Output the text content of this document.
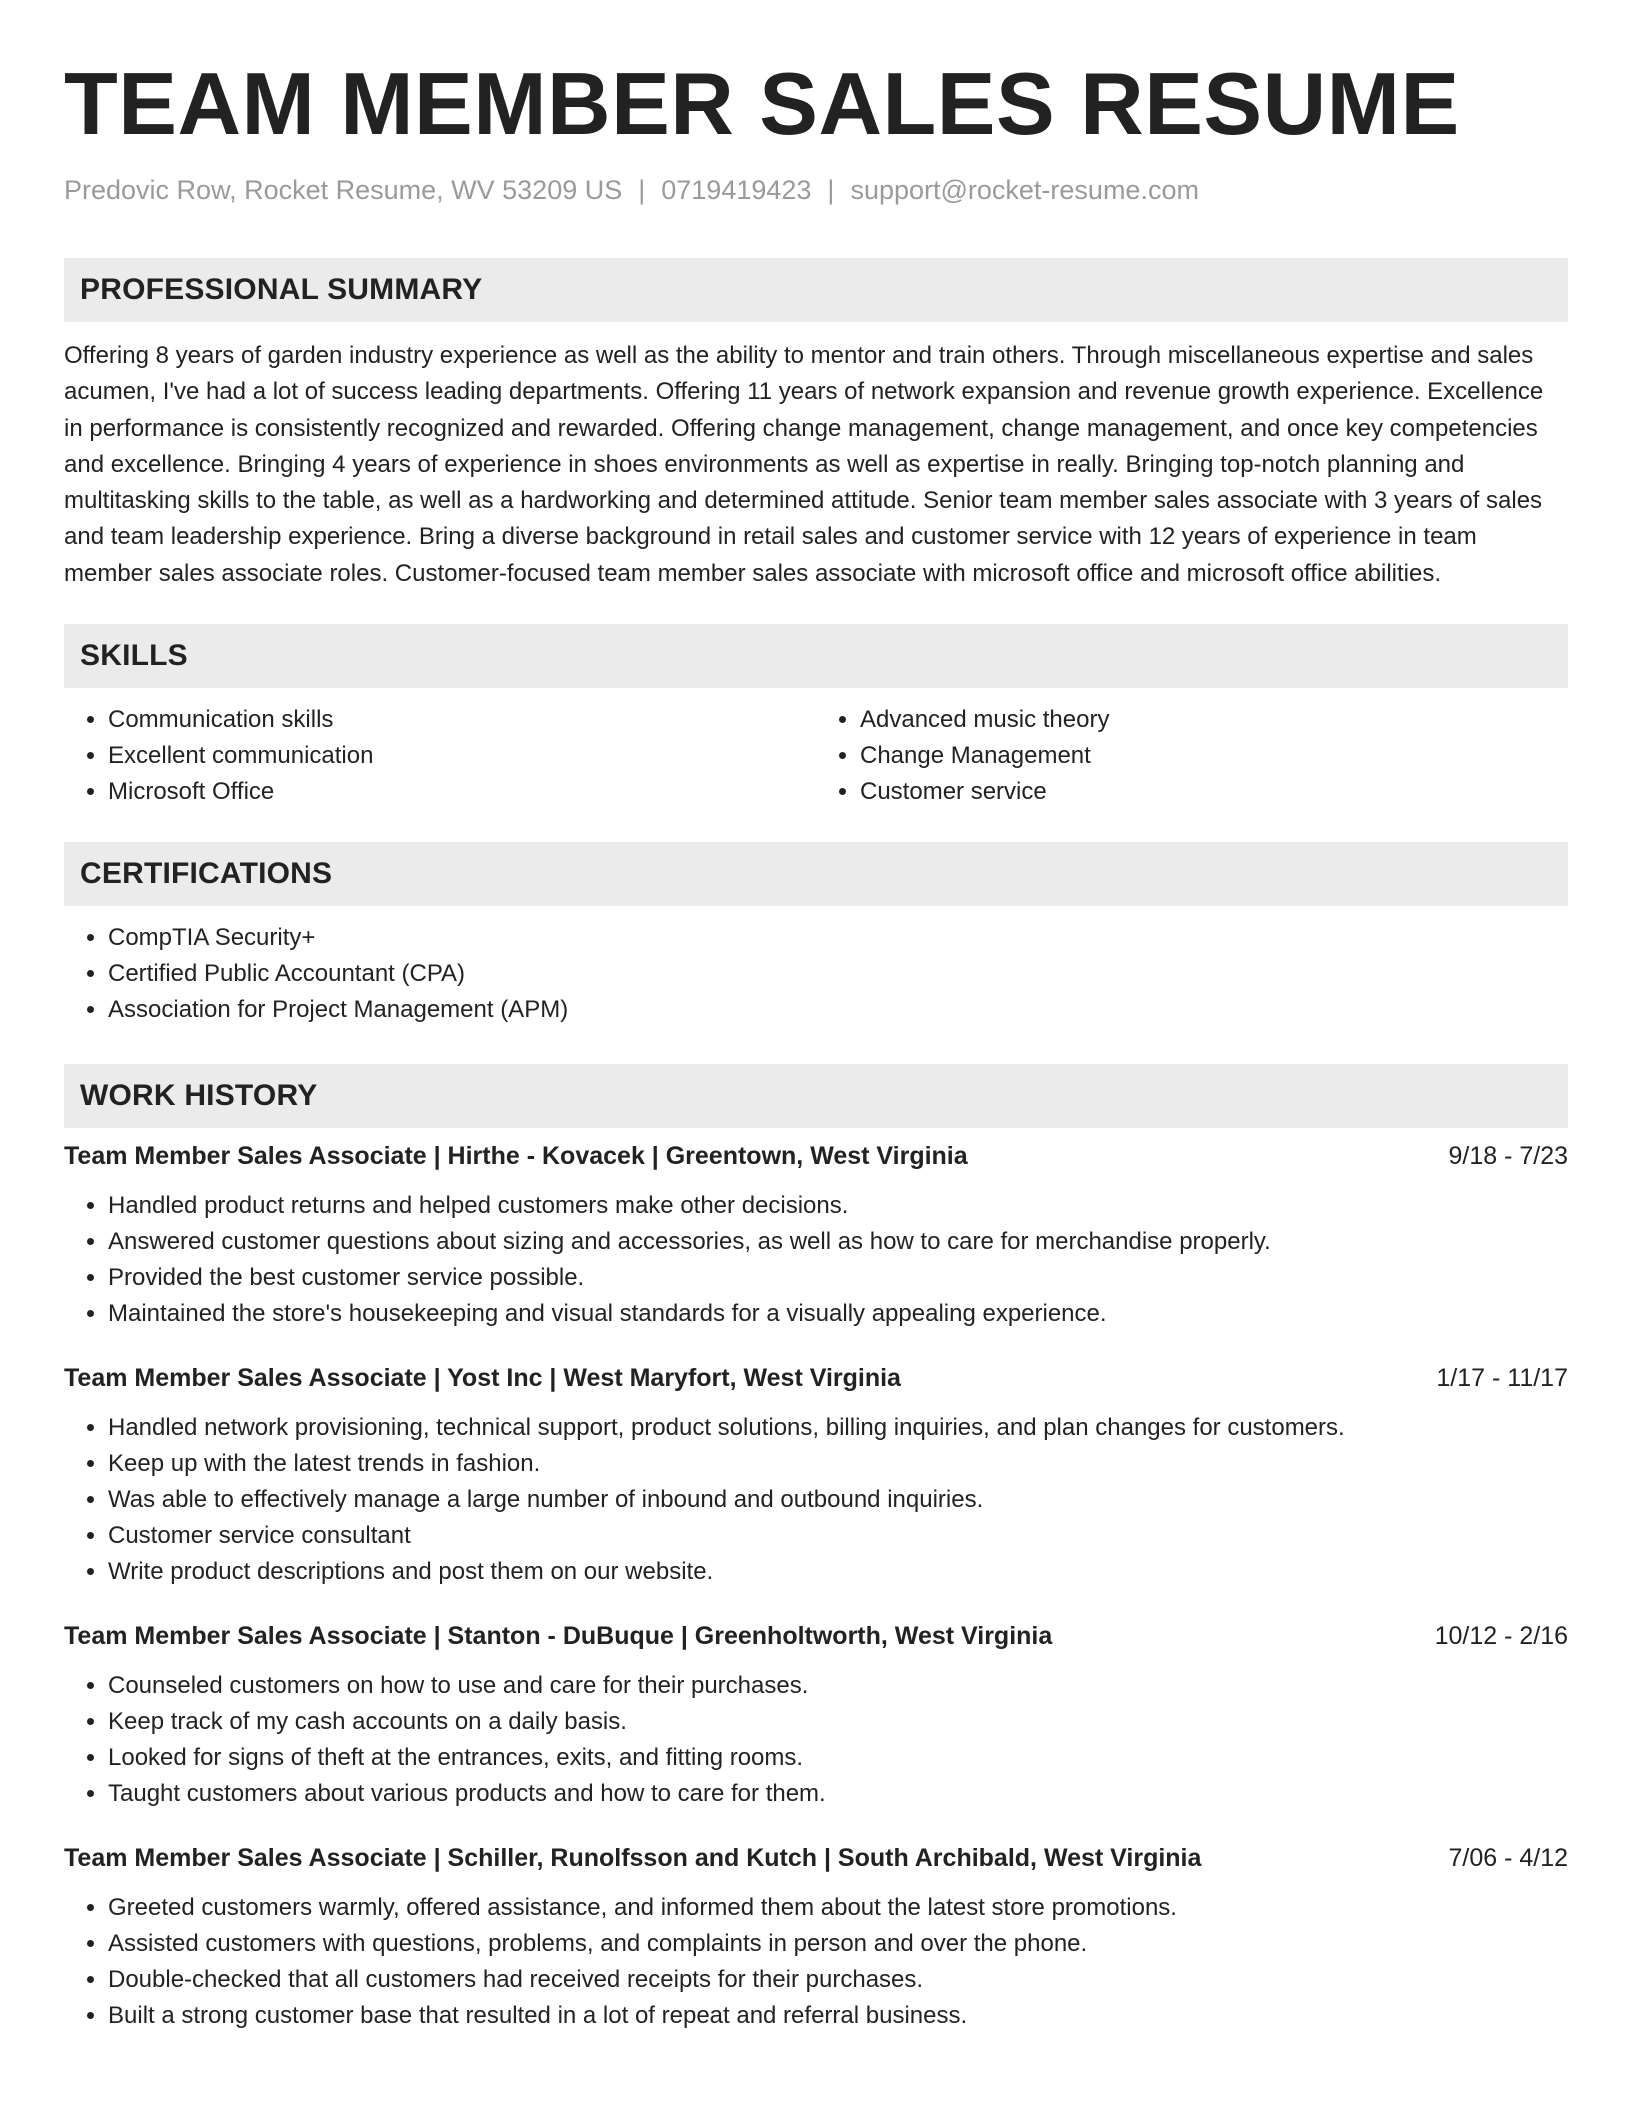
TEAM MEMBER SALES RESUME
Predovic Row, Rocket Resume, WV 53209 US | 0719419423 | support@rocket-resume.com
PROFESSIONAL SUMMARY

Offering 8 years of garden industry experience as well as the ability to mentor and train others. Through miscellaneous expertise and sales acumen, I've had a lot of success leading departments. Offering 11 years of network expansion and revenue growth experience. Excellence in performance is consistently recognized and rewarded. Offering change management, change management, and once key competencies and excellence. Bringing 4 years of experience in shoes environments as well as expertise in really. Bringing top-notch planning and multitasking skills to the table, as well as a hardworking and determined attitude. Senior team member sales associate with 3 years of sales and team leadership experience. Bring a diverse background in retail sales and customer service with 12 years of experience in team member sales associate roles. Customer-focused team member sales associate with microsoft office and microsoft office abilities.

SKILLS
• Communication skills
• Excellent communication
• Microsoft Office
• Advanced music theory
• Change Management
• Customer service
CERTIFICATIONS
• CompTIA Security+
• Certified Public Accountant (CPA)
• Association for Project Management (APM)
WORK HISTORY
Team Member Sales Associate | Hirthe - Kovacek | Greentown, West Virginia	9/18 - 7/23
• Handled product returns and helped customers make other decisions.
• Answered customer questions about sizing and accessories, as well as how to care for merchandise properly.
• Provided the best customer service possible.
• Maintained the store's housekeeping and visual standards for a visually appealing experience.
Team Member Sales Associate | Yost Inc | West Maryfort, West Virginia	1/17 - 11/17
• Handled network provisioning, technical support, product solutions, billing inquiries, and plan changes for customers.
• Keep up with the latest trends in fashion.
• Was able to effectively manage a large number of inbound and outbound inquiries.
• Customer service consultant
• Write product descriptions and post them on our website.
Team Member Sales Associate | Stanton - DuBuque | Greenholtworth, West Virginia	10/12 - 2/16
• Counseled customers on how to use and care for their purchases.
• Keep track of my cash accounts on a daily basis.
• Looked for signs of theft at the entrances, exits, and fitting rooms.
• Taught customers about various products and how to care for them.
Team Member Sales Associate | Schiller, Runolfsson and Kutch | South Archibald, West Virginia	7/06 - 4/12
• Greeted customers warmly, offered assistance, and informed them about the latest store promotions.
• Assisted customers with questions, problems, and complaints in person and over the phone.
• Double-checked that all customers had received receipts for their purchases.
• Built a strong customer base that resulted in a lot of repeat and referral business.
